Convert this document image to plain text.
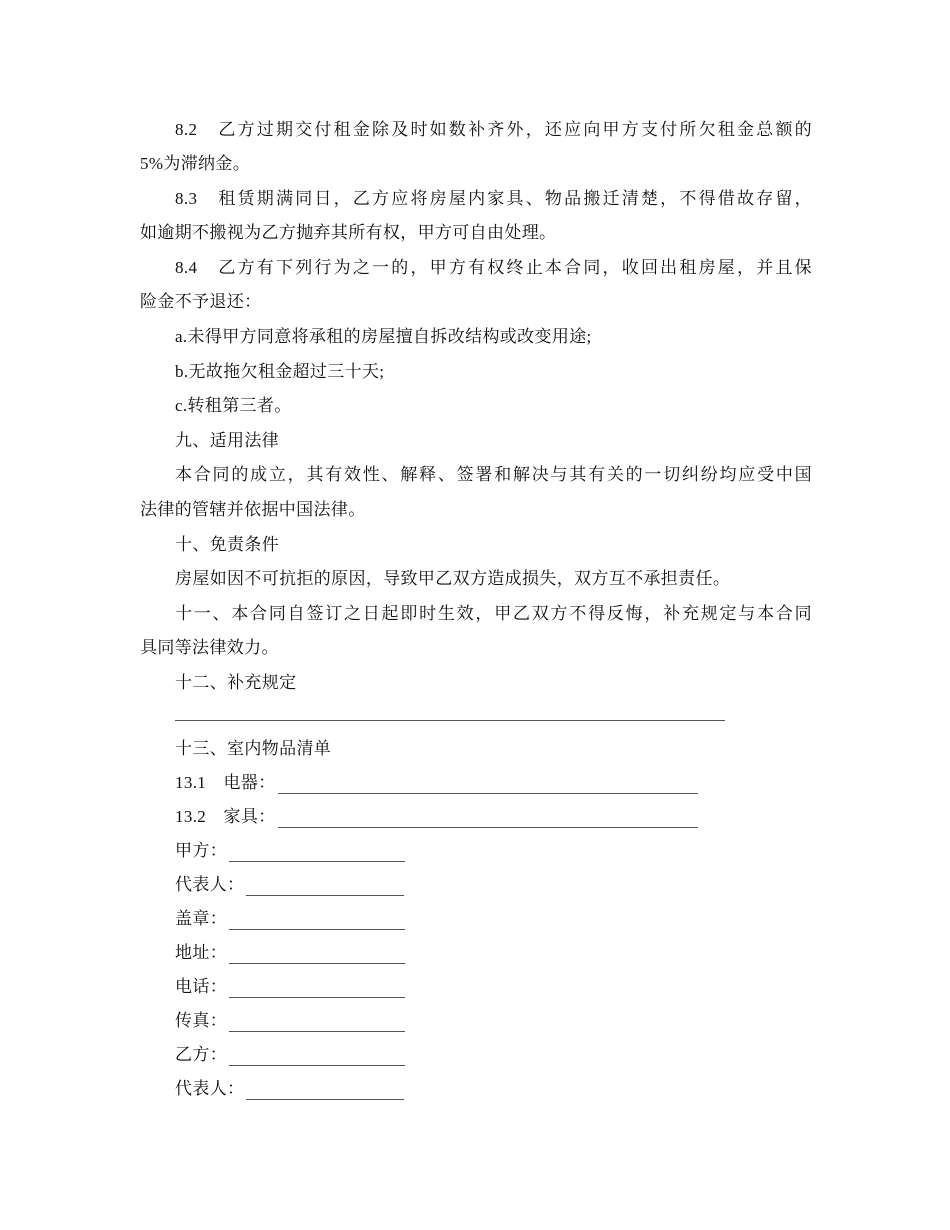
8.2　乙方过期交付租金除及时如数补齐外，还应向甲方支付所欠租金总额的
5%为滞纳金。
8.3　租赁期满同日，乙方应将房屋内家具、物品搬迁清楚，不得借故存留，
如逾期不搬视为乙方抛弃其所有权，甲方可自由处理。
8.4　乙方有下列行为之一的，甲方有权终止本合同，收回出租房屋，并且保
险金不予退还：
a.未得甲方同意将承租的房屋擅自拆改结构或改变用途;
b.无故拖欠租金超过三十天;
c.转租第三者。
九、适用法律
本合同的成立，其有效性、解释、签署和解决与其有关的一切纠纷均应受中国
法律的管辖并依据中国法律。
十、免责条件
房屋如因不可抗拒的原因，导致甲乙双方造成损失，双方互不承担责任。
十一、本合同自签订之日起即时生效，甲乙双方不得反悔，补充规定与本合同
具同等法律效力。
十二、补充规定
十三、室内物品清单
13.1　电器：
13.2　家具：
甲方：
代表人：
盖章：
地址：
电话：
传真：
乙方：
代表人：
